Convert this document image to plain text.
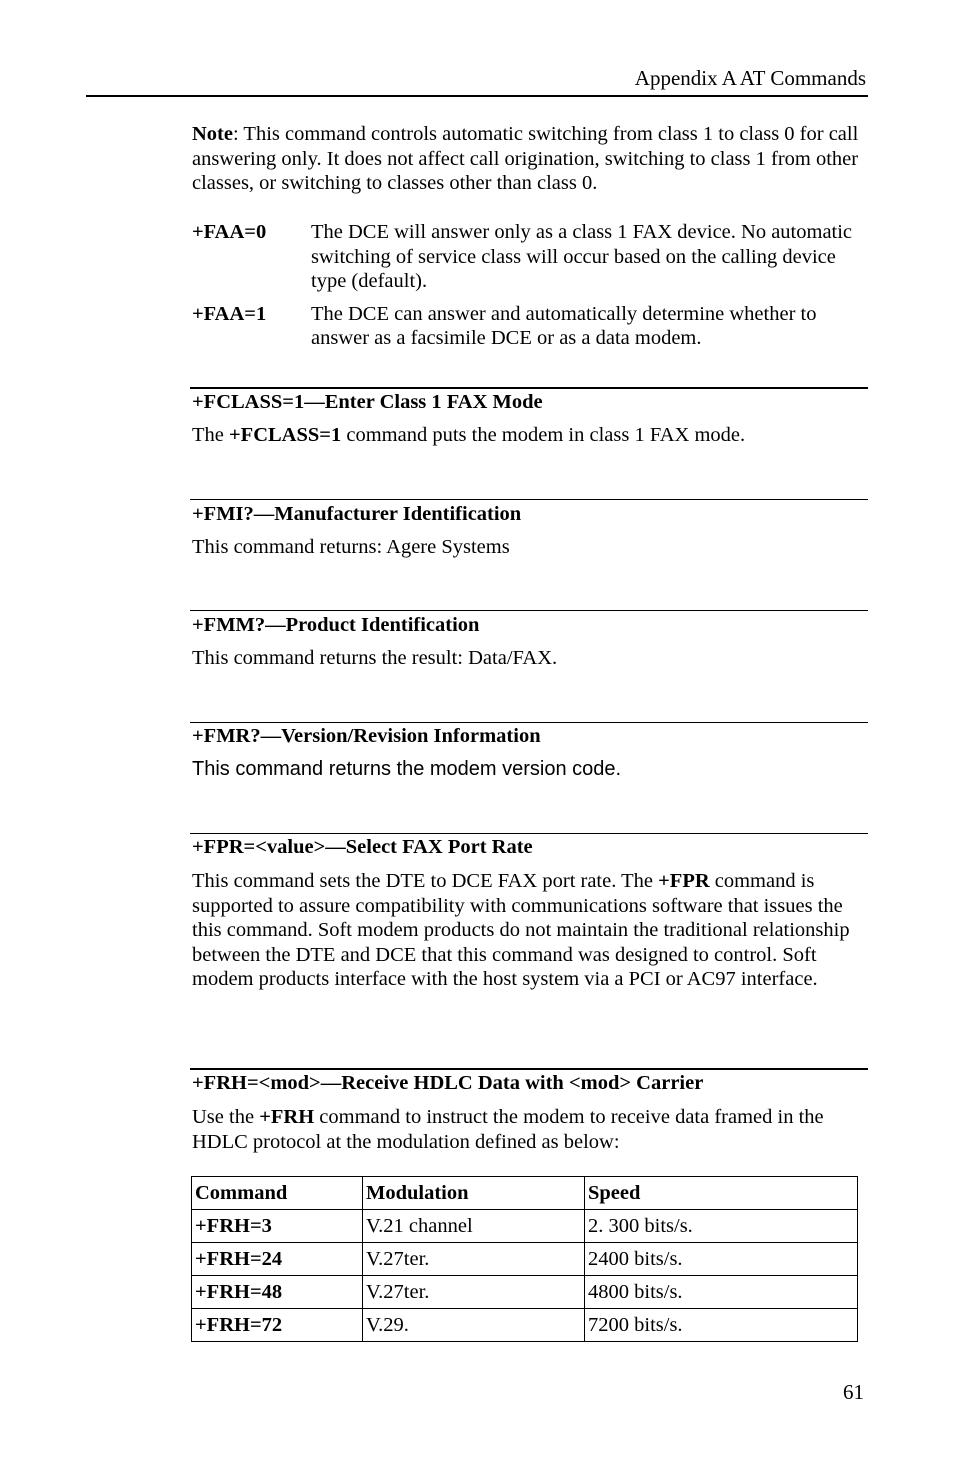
Appendix A AT Commands
Note: This command controls automatic switching from class 1 to class 0 for call answering only. It does not affect call origination, switching to class 1 from other classes, or switching to classes other than class 0.
+FAA=0	The DCE will answer only as a class 1 FAX device. No automatic switching of service class will occur based on the calling device type (default).
+FAA=1	The DCE can answer and automatically determine whether to answer as a facsimile DCE or as a data modem.
+FCLASS=1—Enter Class 1 FAX Mode
The +FCLASS=1 command puts the modem in class 1 FAX mode.
+FMI?—Manufacturer Identification
This command returns: Agere Systems
+FMM?—Product Identification
This command returns the result: Data/FAX.
+FMR?—Version/Revision Information
This command returns the modem version code.
+FPR=<value>—Select FAX Port Rate
This command sets the DTE to DCE FAX port rate. The +FPR command is supported to assure compatibility with communications software that issues the this command. Soft modem products do not maintain the traditional relationship between the DTE and DCE that this command was designed to control. Soft modem products interface with the host system via a PCI or AC97 interface.
+FRH=<mod>—Receive HDLC Data with <mod> Carrier
Use the +FRH command to instruct the modem to receive data framed in the HDLC protocol at the modulation defined as below:
Command	Modulation	Speed
+FRH=3	V.21 channel	2. 300 bits/s.
+FRH=24	V.27ter.	2400 bits/s.
+FRH=48	V.27ter.	4800 bits/s.
+FRH=72	V.29.	7200 bits/s.
61
